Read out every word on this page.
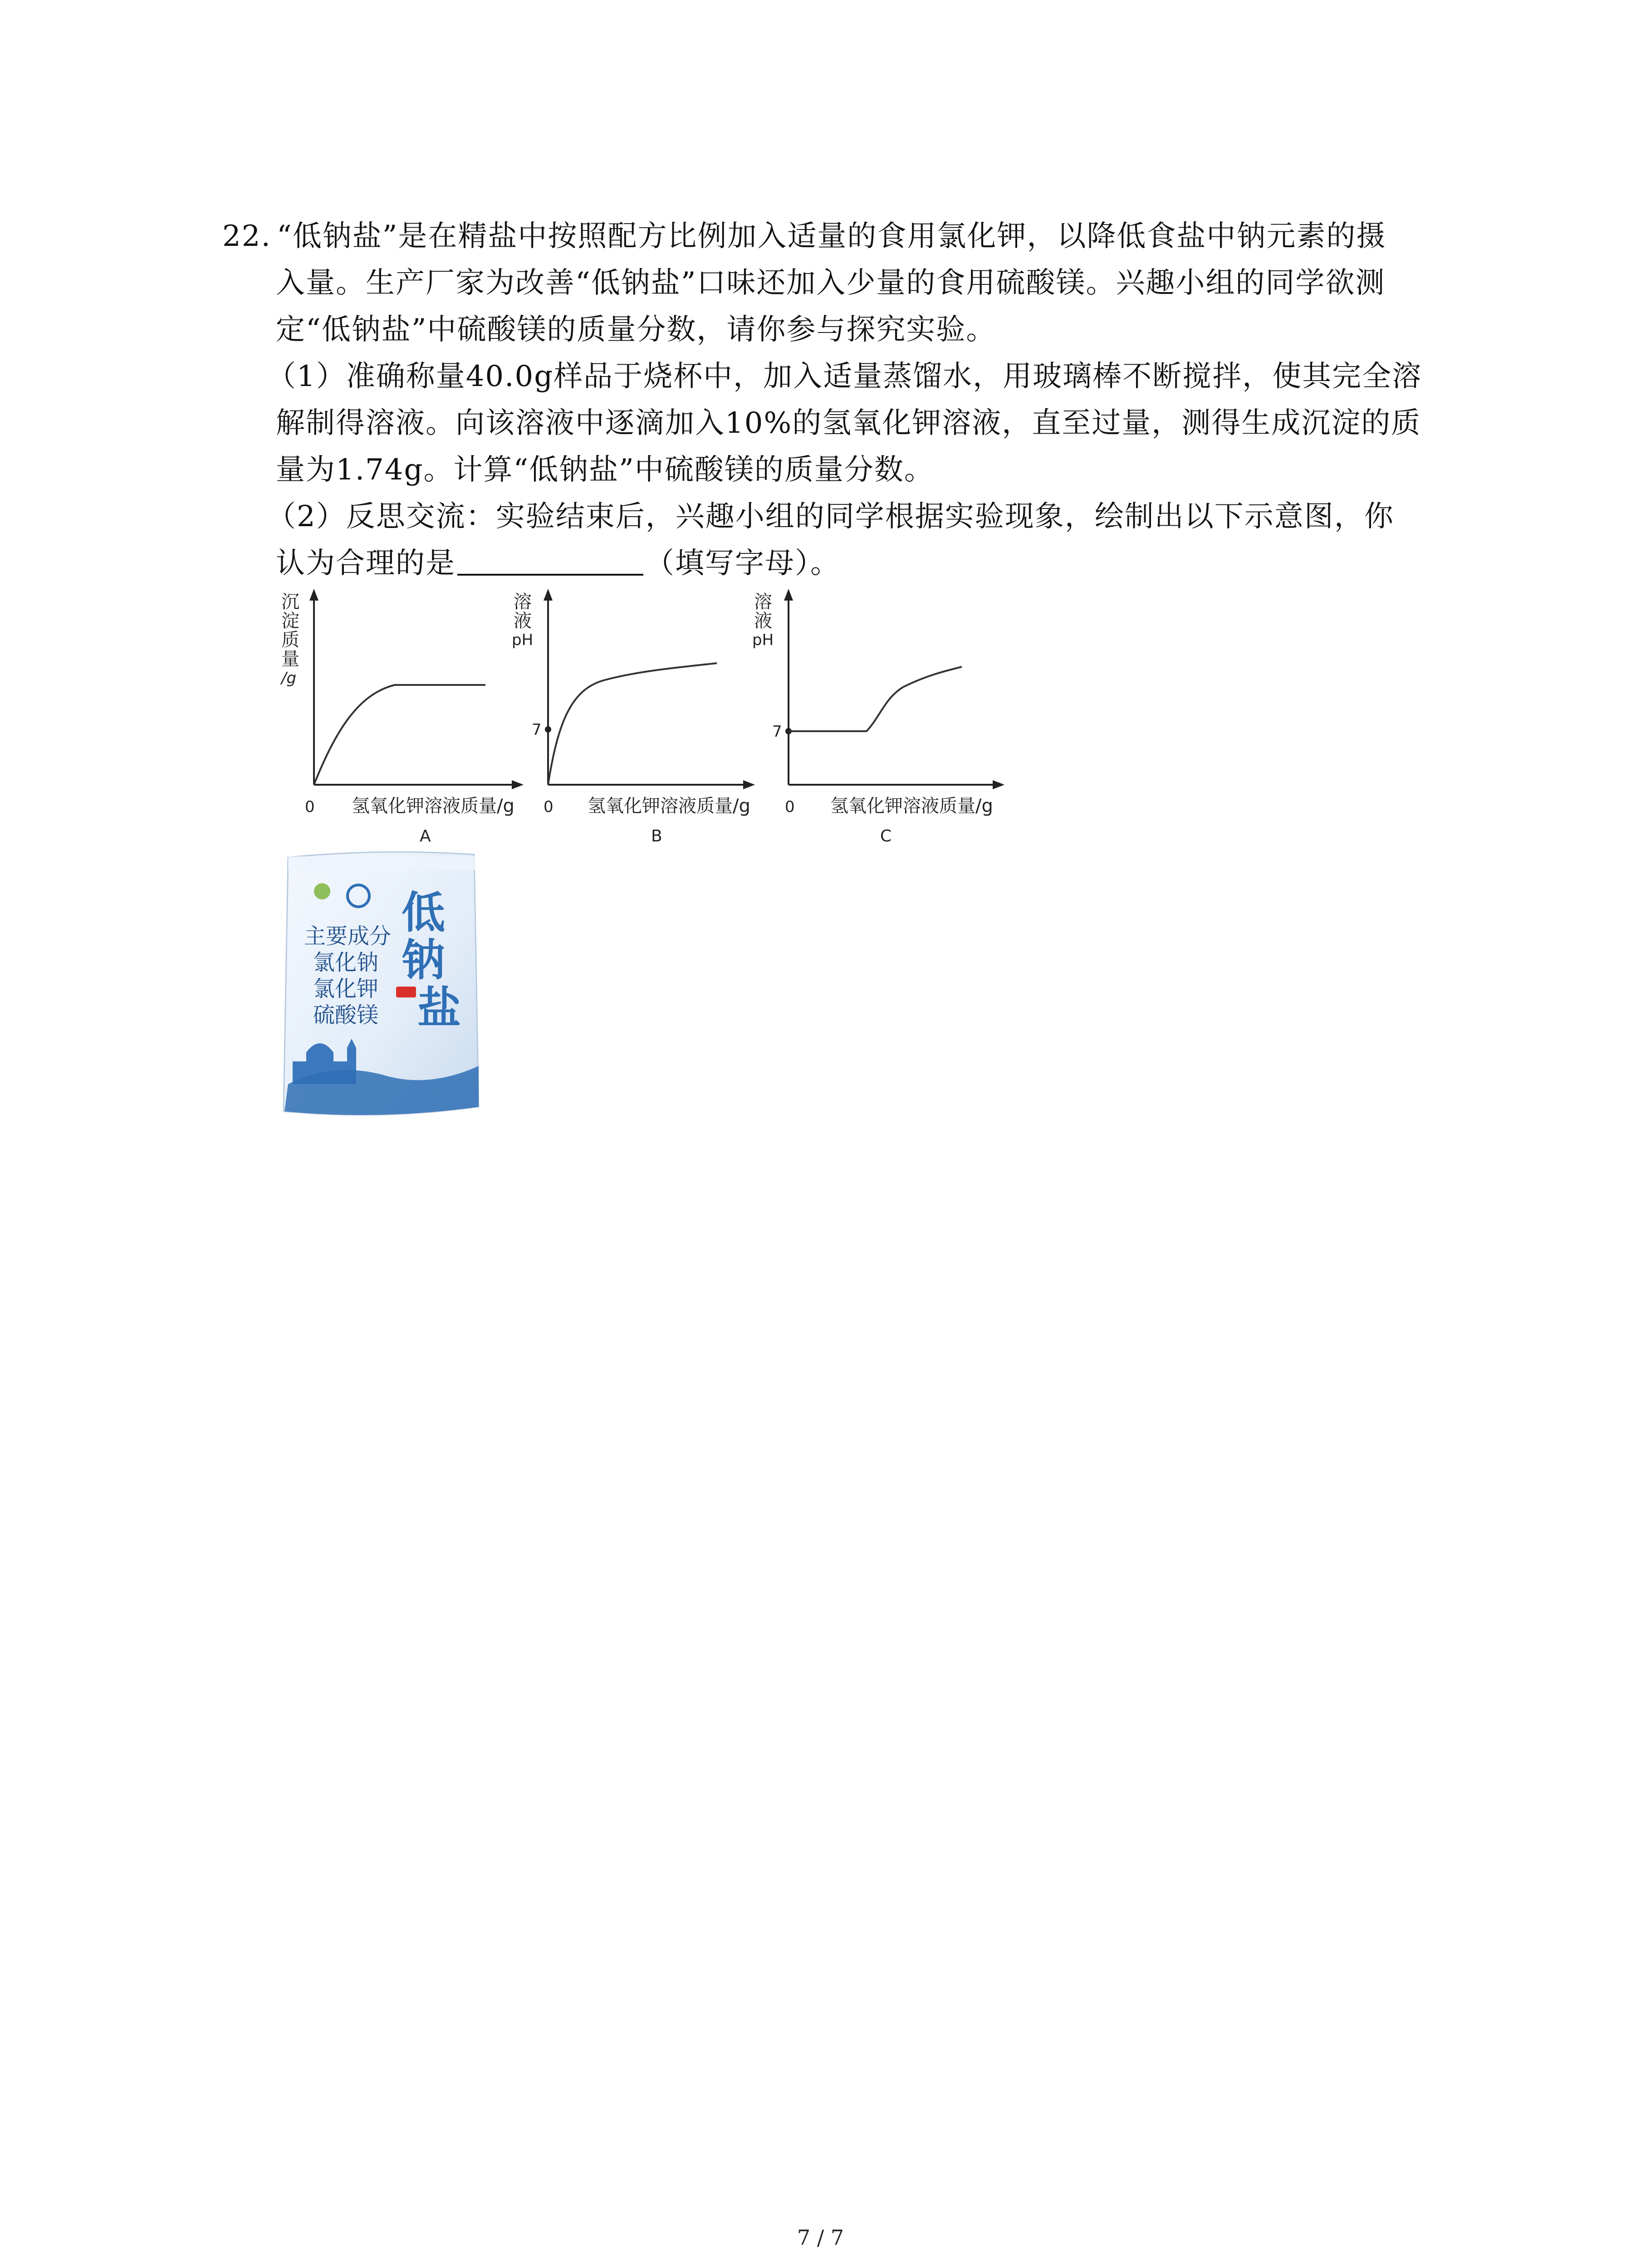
22. “低钠盐”是在精盐中按照配方比例加入适量的食用氯化钾，以降低食盐中钠元素的摄
入量。生产厂家为改善“低钠盐”口味还加入少量的食用硫酸镁。兴趣小组的同学欲测
定“低钠盐”中硫酸镁的质量分数，请你参与探究实验。
（1）准确称量40.0g样品于烧杯中，加入适量蒸馏水，用玻璃棒不断搅拌，使其完全溶
解制得溶液。向该溶液中逐滴加入10%的氢氧化钾溶液，直至过量，测得生成沉淀的质
量为1.74g。计算“低钠盐”中硫酸镁的质量分数。
（2）反思交流：实验结束后，兴趣小组的同学根据实验现象，绘制出以下示意图，你
认为合理的是	（填写字母）。
沉
淀
质
量
/g
0 氢氧化钾溶液质量/g
A
溶
液
pH
7
0 氢氧化钾溶液质量/g
B
溶
液
pH
7
0 氢氧化钾溶液质量/g
C
主要成分
氯化钠
氯化钾
硫酸镁
低
钠
盐
7 / 7
